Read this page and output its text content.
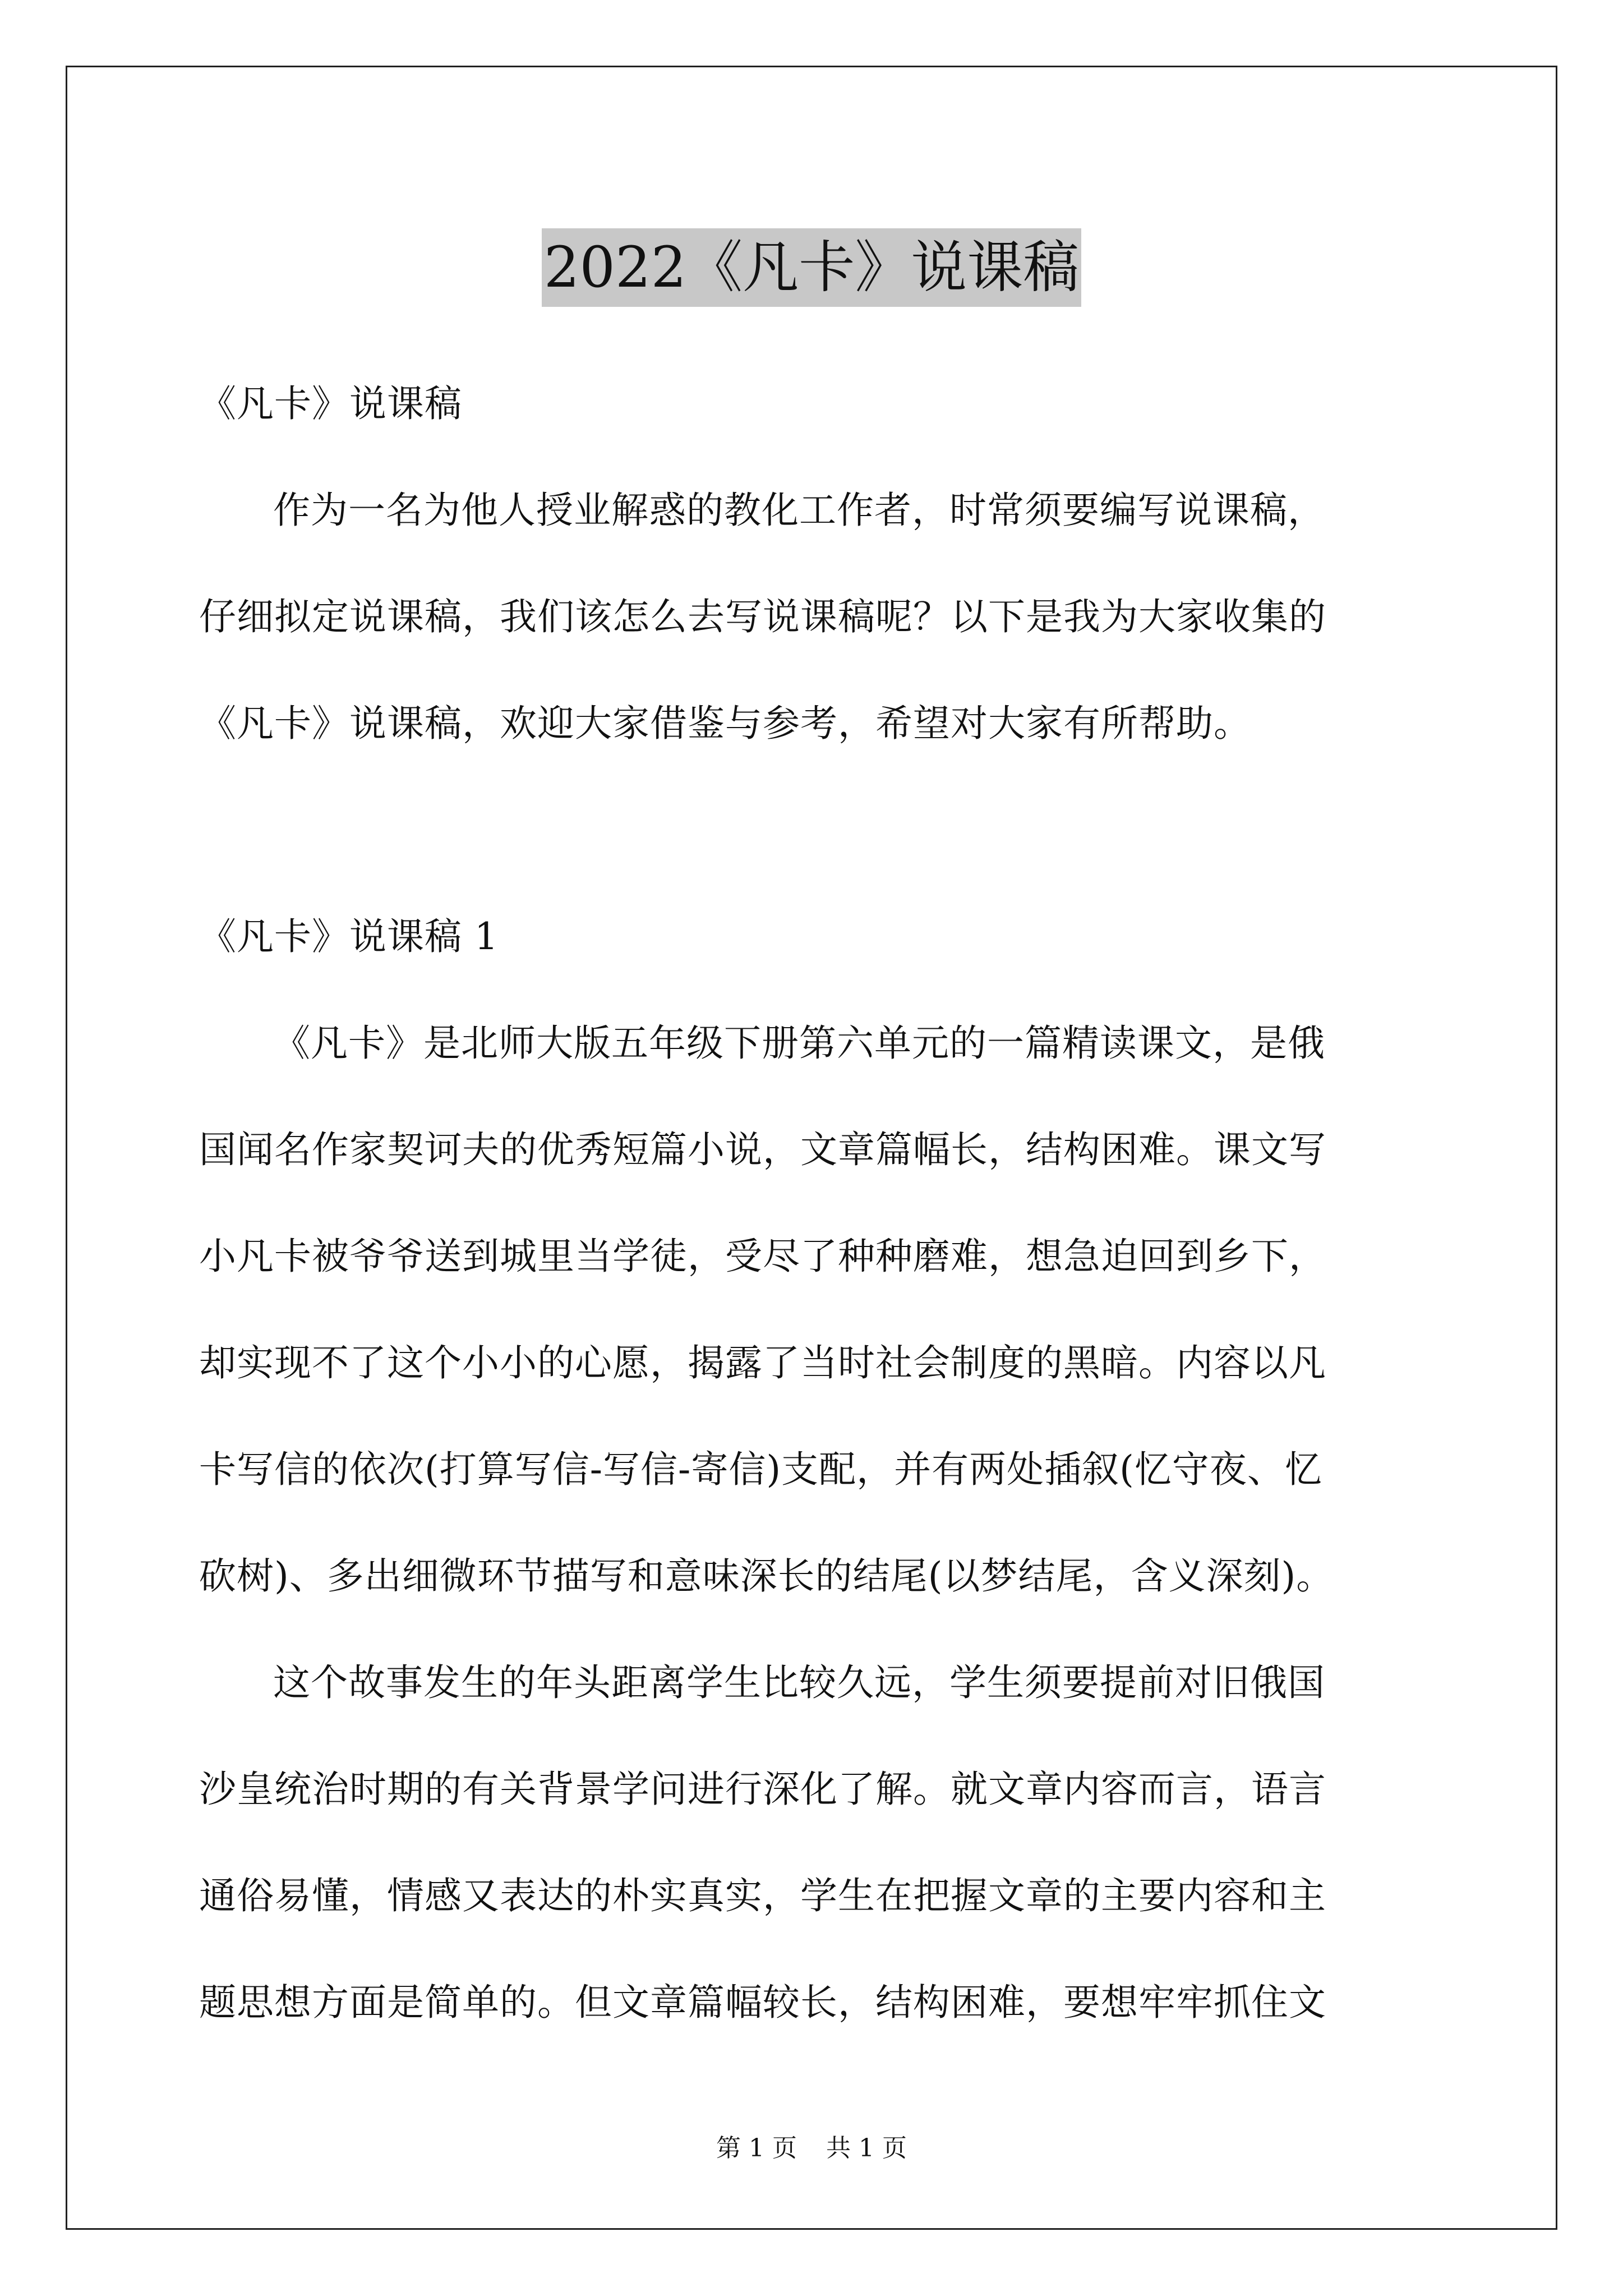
2022《凡卡》说课稿

《凡卡》说课稿

作为一名为他人授业解惑的教化工作者，时常须要编写说课稿，

仔细拟定说课稿，我们该怎么去写说课稿呢？以下是我为大家收集的

《凡卡》说课稿，欢迎大家借鉴与参考，希望对大家有所帮助。

《凡卡》说课稿 1

《凡卡》是北师大版五年级下册第六单元的一篇精读课文，是俄

国闻名作家契诃夫的优秀短篇小说，文章篇幅长，结构困难。课文写

小凡卡被爷爷送到城里当学徒，受尽了种种磨难，想急迫回到乡下，

却实现不了这个小小的心愿，揭露了当时社会制度的黑暗。内容以凡

卡写信的依次(打算写信-写信-寄信)支配，并有两处插叙(忆守夜、忆

砍树)、多出细微环节描写和意味深长的结尾(以梦结尾，含义深刻)。

这个故事发生的年头距离学生比较久远，学生须要提前对旧俄国

沙皇统治时期的有关背景学问进行深化了解。就文章内容而言，语言

通俗易懂，情感又表达的朴实真实，学生在把握文章的主要内容和主

题思想方面是简单的。但文章篇幅较长，结构困难，要想牢牢抓住文

第 1 页 共 1 页
